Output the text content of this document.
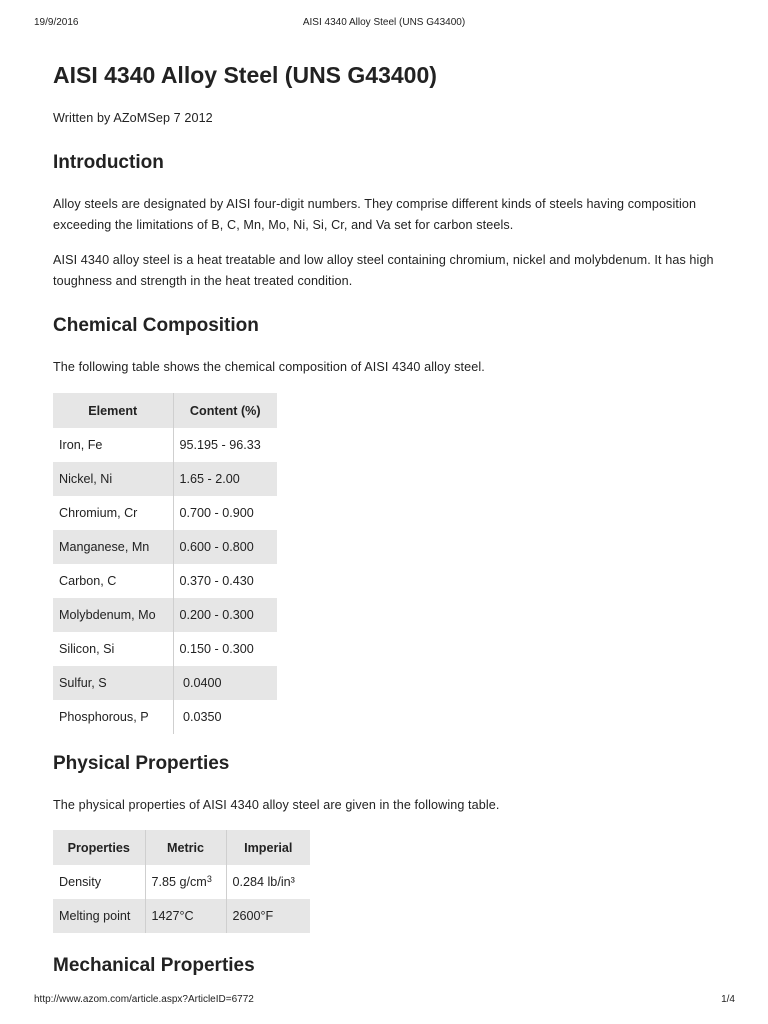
19/9/2016	AISI 4340 Alloy Steel (UNS G43400)
AISI 4340 Alloy Steel (UNS G43400)

Written by AZoMSep 7 2012

Introduction

Alloy steels are designated by AISI four-digit numbers. They comprise different kinds of steels having composition exceeding the limitations of B, C, Mn, Mo, Ni, Si, Cr, and Va set for carbon steels.

AISI 4340 alloy steel is a heat treatable and low alloy steel containing chromium, nickel and molybdenum. It has high toughness and strength in the heat treated condition.

Chemical Composition

The following table shows the chemical composition of AISI 4340 alloy steel.

Element	Content (%)
Iron, Fe	95.195 - 96.33
Nickel, Ni	1.65 - 2.00
Chromium, Cr	0.700 - 0.900
Manganese, Mn	0.600 - 0.800
Carbon, C	0.370 - 0.430
Molybdenum, Mo	0.200 - 0.300
Silicon, Si	0.150 - 0.300
Sulfur, S	0.0400
Phosphorous, P	0.0350
Physical Properties

The physical properties of AISI 4340 alloy steel are given in the following table.

Properties	Metric	Imperial
Density	7.85 $g/cm^3$	0.284 lb/in³
Melting point	1427°C	2600°F
Mechanical Properties
http://www.azom.com/article.aspx?ArticleID=6772	1/4
